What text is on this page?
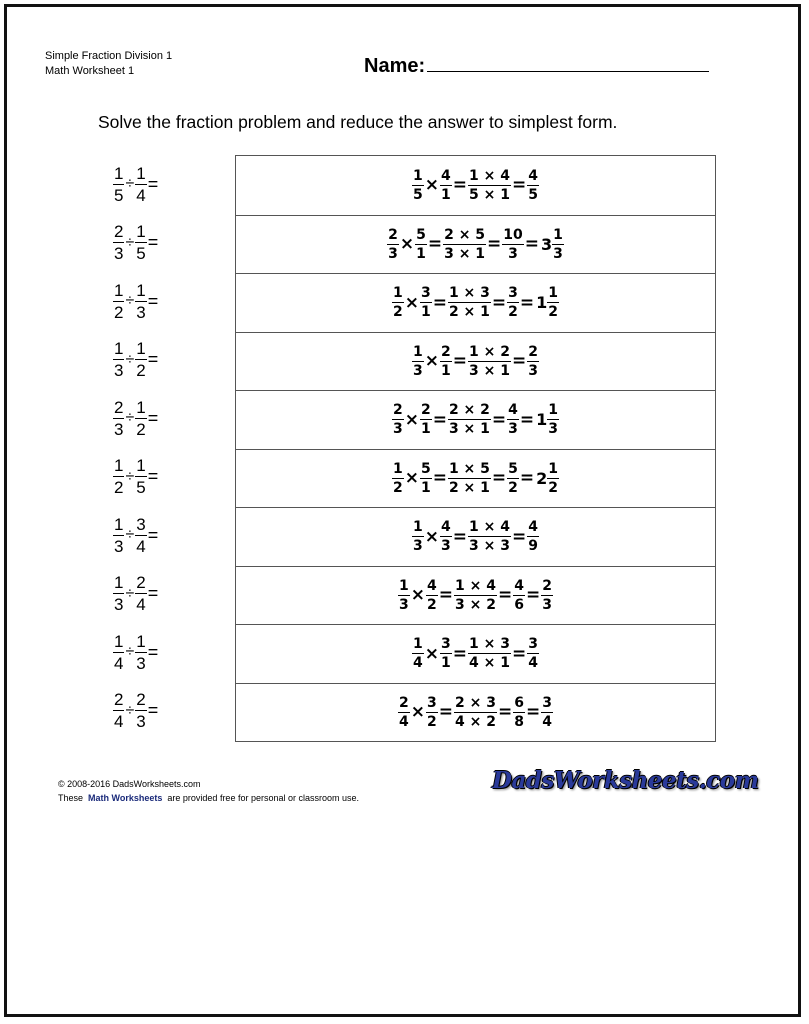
Simple Fraction Division 1
Math Worksheet 1	Name:
Solve the fraction problem and reduce the answer to simplest form.
$\frac{1}{5} \div \frac{1}{4}$ =
$\frac{2}{3} \div \frac{1}{5}$ =
$\frac{1}{2} \div \frac{1}{3}$ =
$\frac{1}{3} \div \frac{1}{2}$ =
$\frac{2}{3} \div \frac{1}{2}$ =
$\frac{1}{2} \div \frac{1}{5}$ =
$\frac{1}{3} \div \frac{3}{4}$ =
$\frac{1}{3} \div \frac{2}{4}$ =
$\frac{1}{4} \div \frac{1}{3}$ =
$\frac{2}{4} \div \frac{2}{3}$ =
$\frac{1}{5} \times \frac{4}{1} = \frac{1 \times 4}{5 \times 1} = \frac{4}{5}$
$\frac{2}{3} \times \frac{5}{1} = \frac{2 \times 5}{3 \times 1} = \frac{10}{3} = 3 \frac{1}{3}$
$\frac{1}{2} \times \frac{3}{1} = \frac{1 \times 3}{2 \times 1} = \frac{3}{2} = 1 \frac{1}{2}$
$\frac{1}{3} \times \frac{2}{1} = \frac{1 \times 2}{3 \times 1} = \frac{2}{3}$
$\frac{2}{3} \times \frac{2}{1} = \frac{2 \times 2}{3 \times 1} = \frac{4}{3} = 1 \frac{1}{3}$
$\frac{1}{2} \times \frac{5}{1} = \frac{1 \times 5}{2 \times 1} = \frac{5}{2} = 2 \frac{1}{2}$
$\frac{1}{3} \times \frac{4}{3} = \frac{1 \times 4}{3 \times 3} = \frac{4}{9}$
$\frac{1}{3} \times \frac{4}{2} = \frac{1 \times 4}{3 \times 2} = \frac{4}{6} = \frac{2}{3}$
$\frac{1}{4} \times \frac{3}{1} = \frac{1 \times 3}{4 \times 1} = \frac{3}{4}$
$\frac{2}{4} \times \frac{3}{2} = \frac{2 \times 3}{4 \times 2} = \frac{6}{8} = \frac{3}{4}$
© 2008-2016 DadsWorksheets.com
These Math Worksheets are provided free for personal or classroom use.
DadsWorksheets.com
